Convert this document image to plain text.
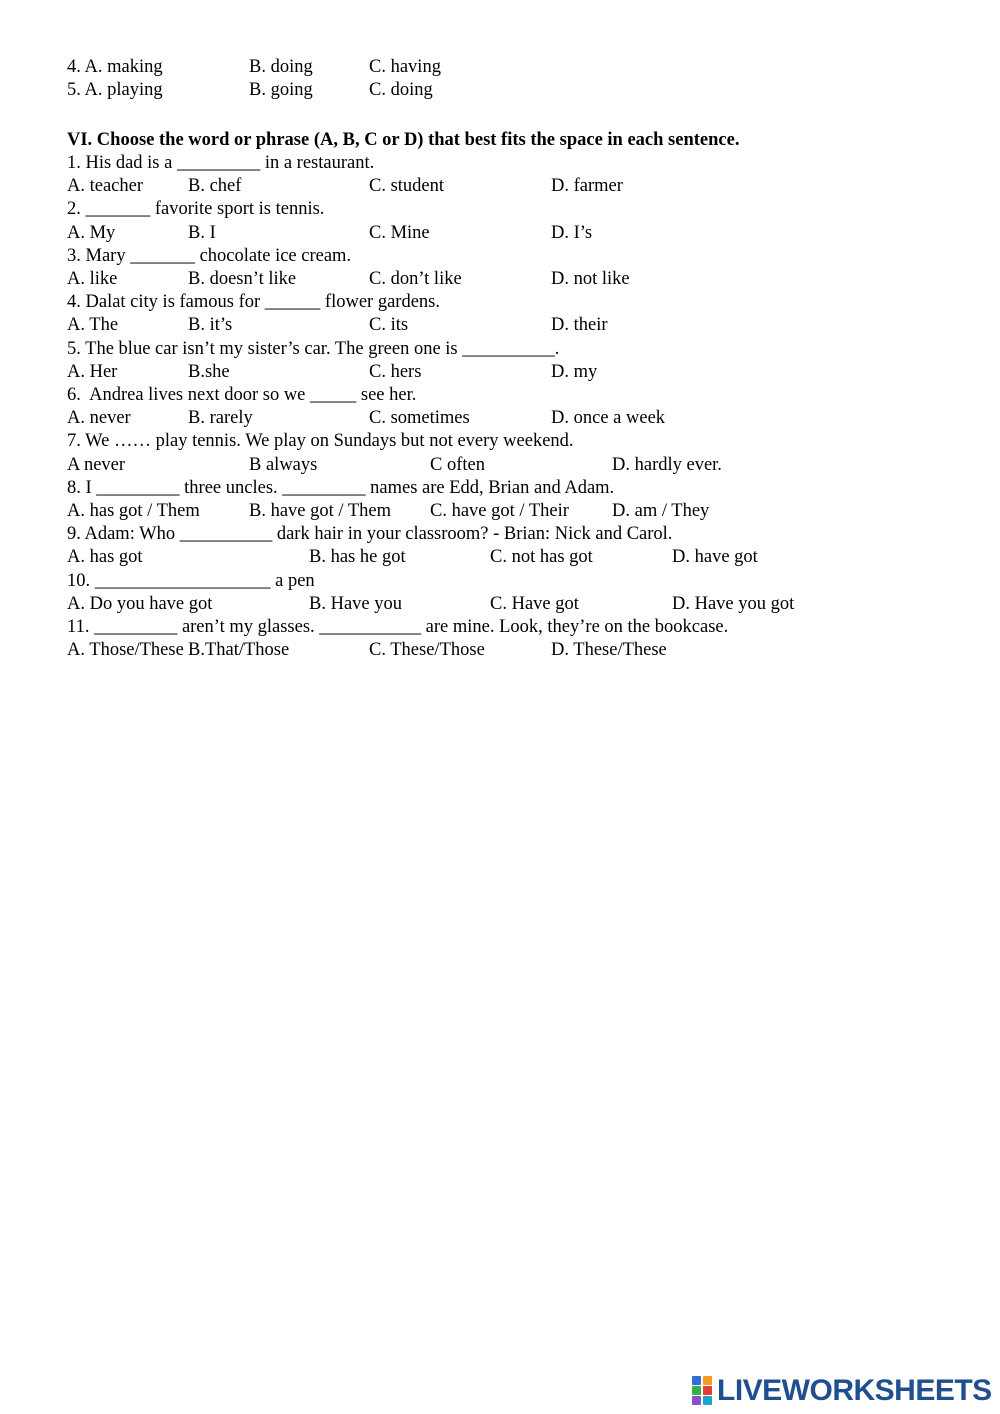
4. A. making	B. doing	C. having
5. A. playing	B. going	C. doing
VI. Choose the word or phrase (A, B, C or D) that best fits the space in each sentence.
1. His dad is a _________ in a restaurant.
A. teacher B. chef	C. student	D. farmer
2. _______ favorite sport is tennis.
A. My	B. I	C. Mine	D. I’s
3. Mary _______ chocolate ice cream.
A. like	B. doesn’t like	C. don’t like	D. not like
4. Dalat city is famous for ______ flower gardens.
A. The	B. it’s	C. its	D. their
5. The blue car isn’t my sister’s car. The green one is __________.
A. Her	B.she	C. hers	D. my
6.  Andrea lives next door so we _____ see her.
A. never	B. rarely	C. sometimes	D. once a week
7. We …… play tennis. We play on Sundays but not every weekend.
A never	B always	C often	D. hardly ever.
8. I _________ three uncles. _________ names are Edd, Brian and Adam.
A. has got / Them	B. have got / Them C. have got / Their D. am / They
9. Adam: Who __________ dark hair in your classroom? - Brian: Nick and Carol.
A. has got	B. has he got	C. not has got	D. have got
10. ___________________ a pen
A. Do you have got	B. Have you	C. Have got	D. Have you got
11. _________ aren’t my glasses. ___________ are mine. Look, they’re on the bookcase.
A. Those/These B.That/Those	C. These/Those	D. These/These
LIVEWORKSHEETS
